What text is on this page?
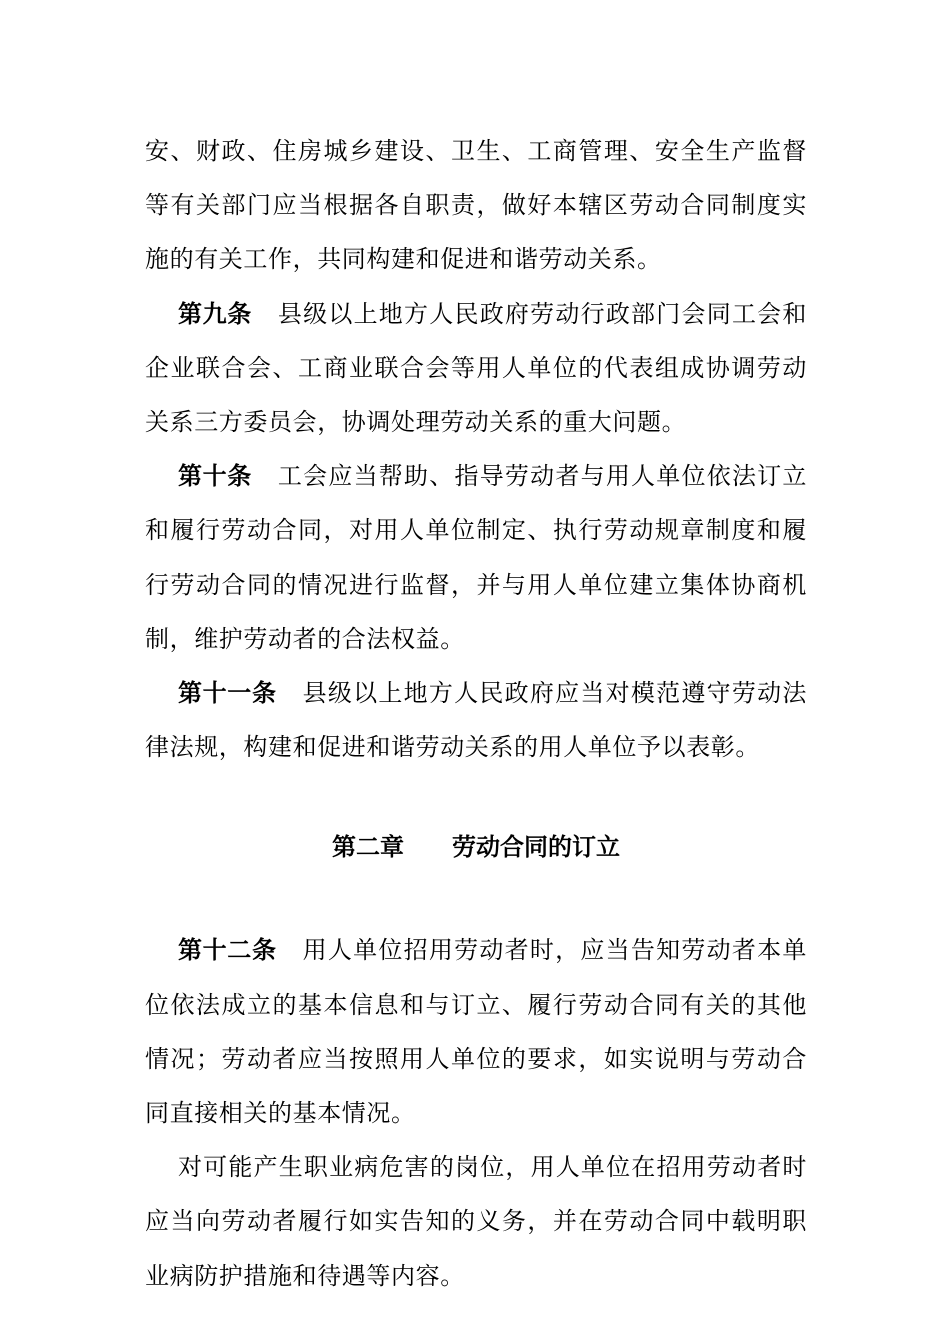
安、财政、住房城乡建设、卫生、工商管理、安全生产监督等有关部门应当根据各自职责，做好本辖区劳动合同制度实施的有关工作，共同构建和促进和谐劳动关系。

第九条 县级以上地方人民政府劳动行政部门会同工会和企业联合会、工商业联合会等用人单位的代表组成协调劳动关系三方委员会，协调处理劳动关系的重大问题。

第十条 工会应当帮助、指导劳动者与用人单位依法订立和履行劳动合同，对用人单位制定、执行劳动规章制度和履行劳动合同的情况进行监督，并与用人单位建立集体协商机制，维护劳动者的合法权益。

第十一条 县级以上地方人民政府应当对模范遵守劳动法律法规，构建和促进和谐劳动关系的用人单位予以表彰。

第二章 劳动合同的订立

第十二条 用人单位招用劳动者时，应当告知劳动者本单位依法成立的基本信息和与订立、履行劳动合同有关的其他情况；劳动者应当按照用人单位的要求，如实说明与劳动合同直接相关的基本情况。

对可能产生职业病危害的岗位，用人单位在招用劳动者时应当向劳动者履行如实告知的义务，并在劳动合同中载明职业病防护措施和待遇等内容。
